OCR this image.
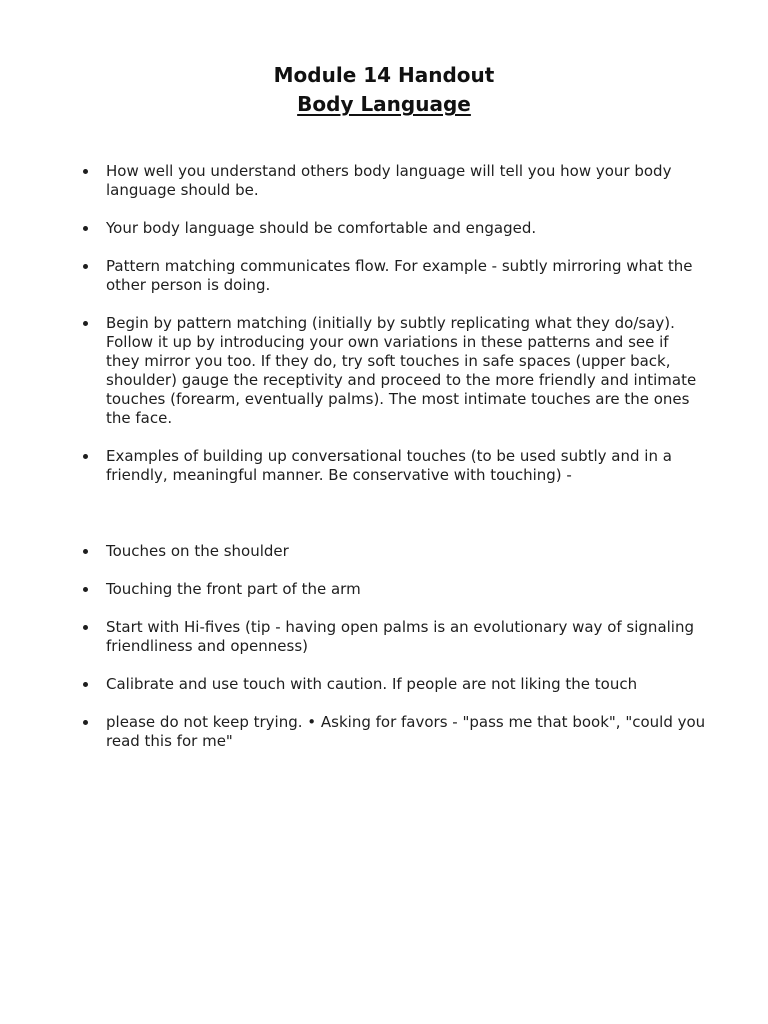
Module 14 Handout
Body Language
How well you understand others body language will tell you how your body language should be.
Your body language should be comfortable and engaged.
Pattern matching communicates flow. For example - subtly mirroring what the other person is doing.
Begin by pattern matching (initially by subtly replicating what they do/say). Follow it up by introducing your own variations in these patterns and see if they mirror you too. If they do, try soft touches in safe spaces (upper back, shoulder) gauge the receptivity and proceed to the more friendly and intimate touches (forearm, eventually palms). The most intimate touches are the ones the face.
Examples of building up conversational touches (to be used subtly and in a friendly, meaningful manner. Be conservative with touching) -
Touches on the shoulder
Touching the front part of the arm
Start with Hi-fives (tip - having open palms is an evolutionary way of signaling friendliness and openness)
Calibrate and use touch with caution. If people are not liking the touch
please do not keep trying. • Asking for favors - "pass me that book", "could you read this for me"
